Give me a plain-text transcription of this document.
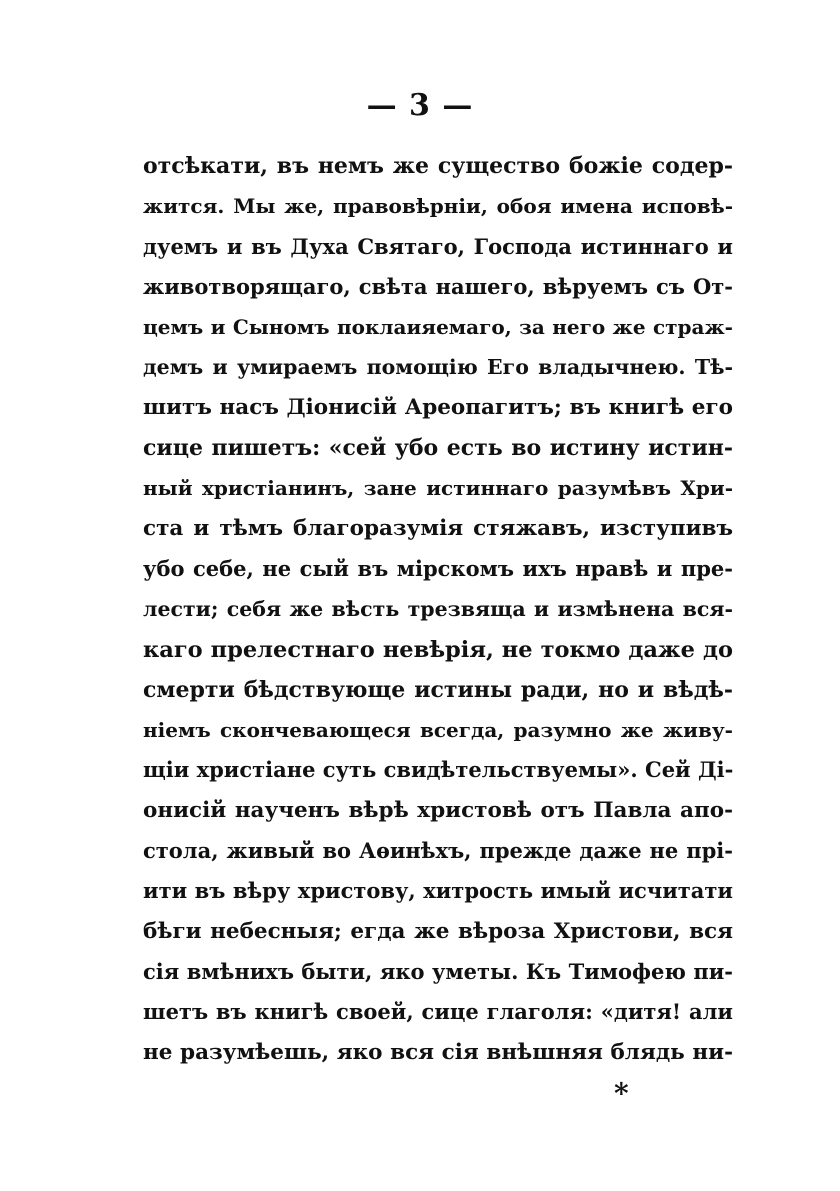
— 3 —
отсѣкати, въ немъ же существо божіе содер-
жится. Мы же, правовѣрніи, обоя имена исповѣ-
дуемъ и въ Духа Святаго, Господа истиннаго и
животворящаго, свѣта нашего, вѣруемъ съ От-
цемъ и Сыномъ поклаияемаго, за него же страж-
демъ и умираемъ помощію Его владычнею. Тѣ-
шитъ насъ Діонисій Ареопагитъ; въ книгѣ его
сице пишетъ: «сей убо есть во истину истин-
ный христіанинъ, зане истиннаго разумѣвъ Хри-
ста и тѣмъ благоразумія стяжавъ, изступивъ
убо себе, не сый въ мірскомъ ихъ нравѣ и пре-
лести; себя же вѣсть трезвяща и измѣнена вся-
каго прелестнаго невѣрія, не токмо даже до
смерти бѣдствующе истины ради, но и вѣдѣ-
ніемъ скончевающеся всегда, разумно же живу-
щіи христіане суть свидѣтельствуемы». Сей Ді-
онисій наученъ вѣрѣ христовѣ отъ Павла апо-
стола, живый во Аѳинѣхъ, прежде даже не прі-
ити въ вѣру христову, хитрость имый исчитати
бѣги небесныя; егда же вѣроза Христови, вся
сія вмѣнихъ быти, яко уметы. Къ Тимофею пи-
шетъ въ книгѣ своей, сице глаголя: «дитя! али
не разумѣешь, яко вся сія внѣшняя блядь ни-
*
